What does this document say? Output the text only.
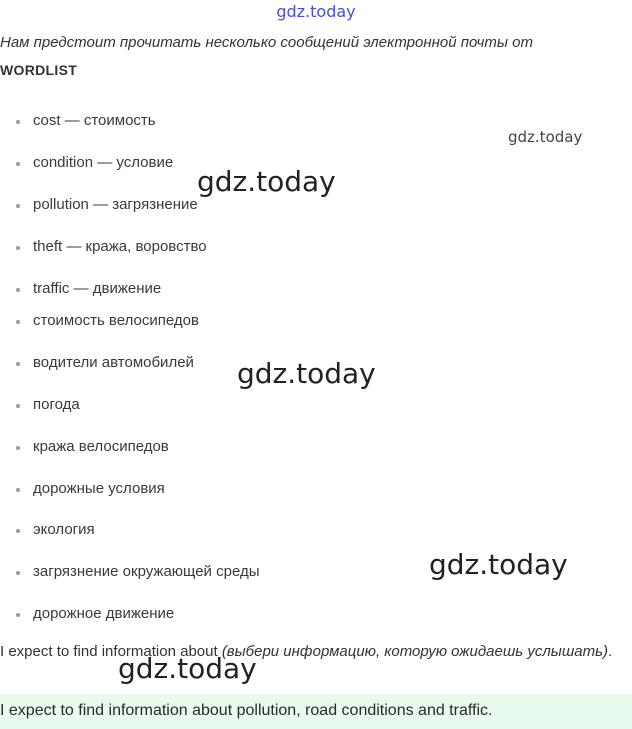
gdz.today
Нам предстоит прочитать несколько сообщений электронной почты от
WORDLIST
gdz.today
cost — стоимость
condition — условие
pollution — загрязнение
theft — кража, воровство
traffic — движение
стоимость велосипедов
водители автомобилей
погода
кража велосипедов
дорожные условия
экология
загрязнение окружающей среды
дорожное движение
gdz.today
gdz.today
gdz.today
I expect to find information about (выбери информацию, которую ожидаешь услышать).
gdz.today
I expect to find information about pollution, road conditions and traffic.
